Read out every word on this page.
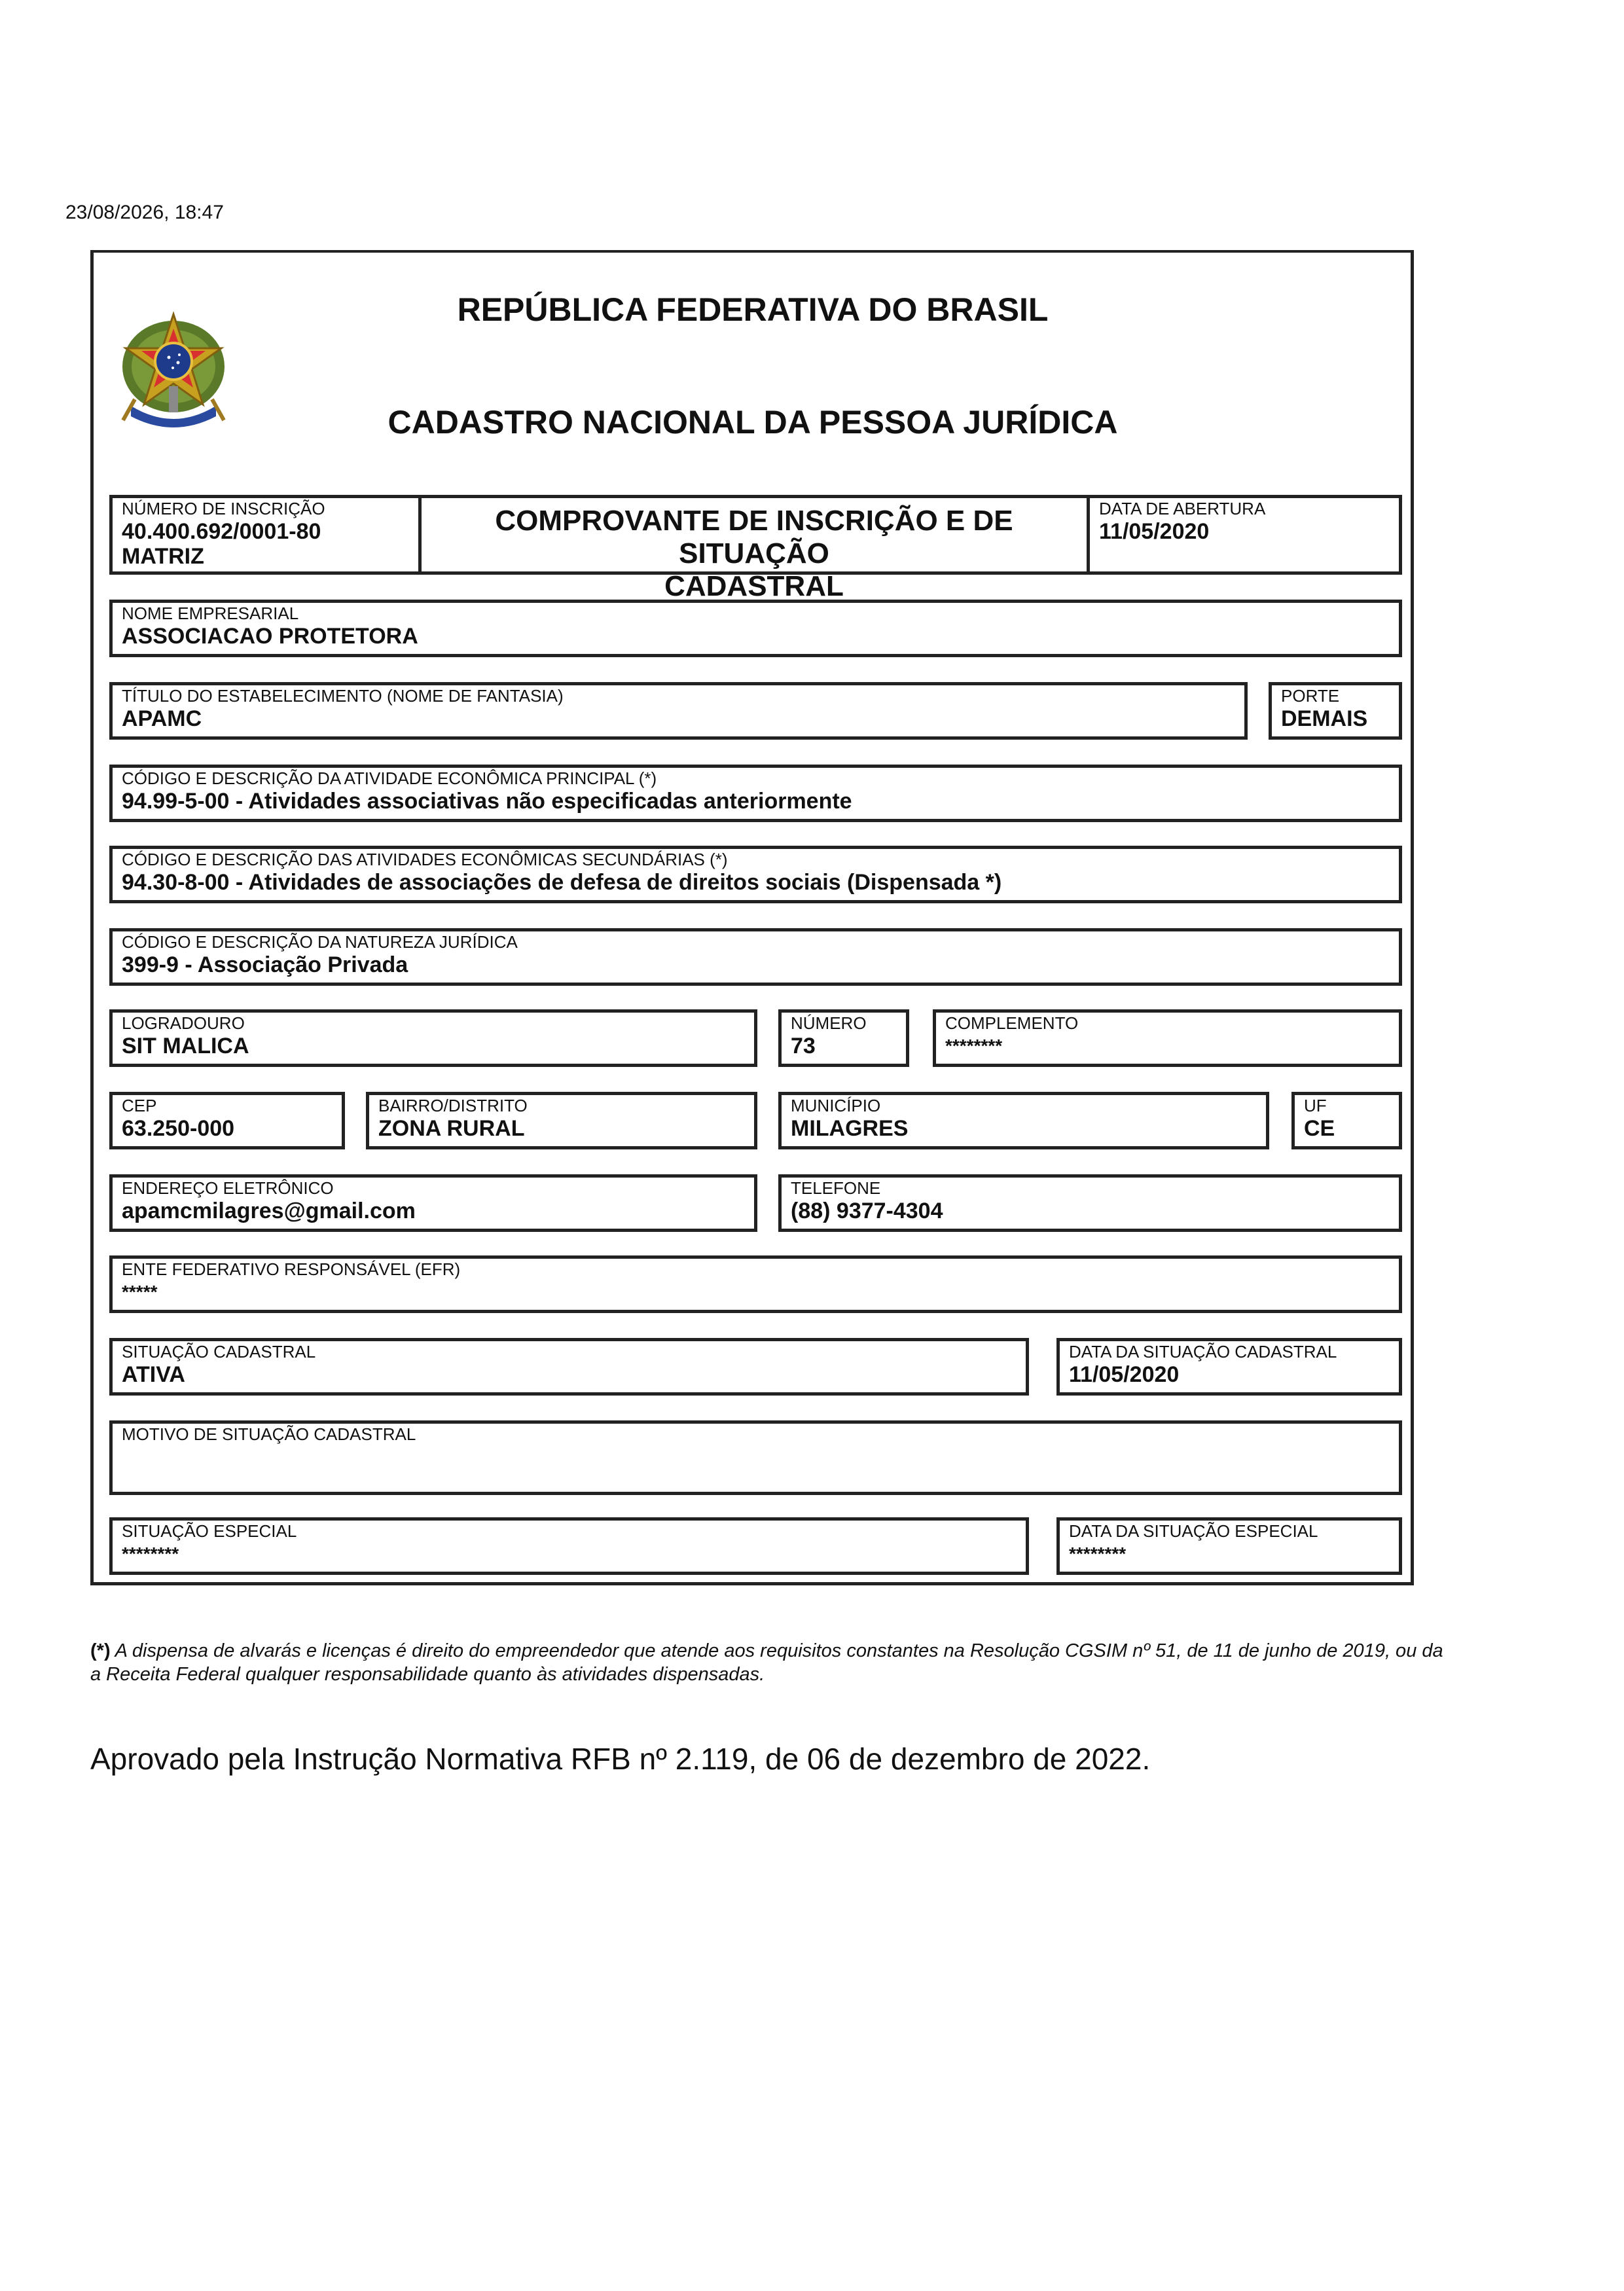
23/08/2026, 18:47
REPÚBLICA FEDERATIVA DO BRASIL
CADASTRO NACIONAL DA PESSOA JURÍDICA
NÚMERO DE INSCRIÇÃO
40.400.692/0001-80
MATRIZ
COMPROVANTE DE INSCRIÇÃO E DE SITUAÇÃO
CADASTRAL
DATA DE ABERTURA
11/05/2020
NOME EMPRESARIAL
ASSOCIACAO PROTETORA
TÍTULO DO ESTABELECIMENTO (NOME DE FANTASIA)
APAMC
PORTE
DEMAIS
CÓDIGO E DESCRIÇÃO DA ATIVIDADE ECONÔMICA PRINCIPAL (*)
94.99-5-00 - Atividades associativas não especificadas anteriormente
CÓDIGO E DESCRIÇÃO DAS ATIVIDADES ECONÔMICAS SECUNDÁRIAS (*)
94.30-8-00 - Atividades de associações de defesa de direitos sociais (Dispensada *)
CÓDIGO E DESCRIÇÃO DA NATUREZA JURÍDICA
399-9 - Associação Privada
LOGRADOURO
SIT MALICA
NÚMERO
73
COMPLEMENTO
********
CEP
63.250-000
BAIRRO/DISTRITO
ZONA RURAL
MUNICÍPIO
MILAGRES
UF
CE
ENDEREÇO ELETRÔNICO
apamcmilagres@gmail.com
TELEFONE
(88) 9377-4304
ENTE FEDERATIVO RESPONSÁVEL (EFR)
*****
SITUAÇÃO CADASTRAL
ATIVA
DATA DA SITUAÇÃO CADASTRAL
11/05/2020
MOTIVO DE SITUAÇÃO CADASTRAL
SITUAÇÃO ESPECIAL
********
DATA DA SITUAÇÃO ESPECIAL
********
(*) A dispensa de alvarás e licenças é direito do empreendedor que atende aos requisitos constantes na Resolução CGSIM nº 51, de 11 de junho de 2019, ou da
a Receita Federal qualquer responsabilidade quanto às atividades dispensadas.
Aprovado pela Instrução Normativa RFB nº 2.119, de 06 de dezembro de 2022.
